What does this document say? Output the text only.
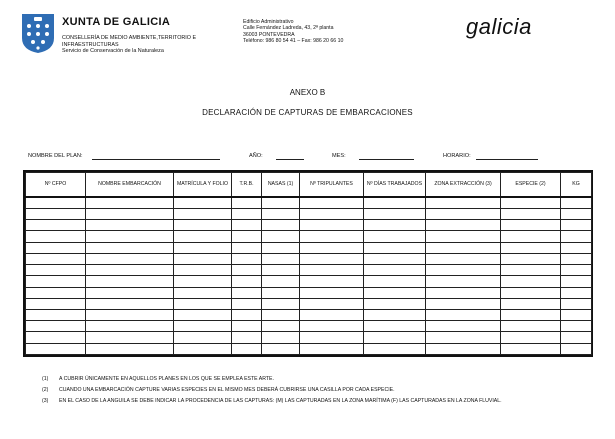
XUNTA DE GALICIA
CONSELLERÍA DE MEDIO AMBIENTE,TERRITORIO E
INFRAESTRUCTURAS
Servicio de Conservación de la Naturaleza
Edificio Administrativo
Calle Fernández Ladreda, 43, 2ª planta
36003 PONTEVEDRA
Teléfono: 986 80 54 41 – Fax: 986 20 66 10
galicia
ANEXO B
DECLARACIÓN DE CAPTURAS DE EMBARCACIONES
NOMBRE DEL PLAN:	AÑO:	MES:	HORARIO:
Nº CFPO	NOMBRE EMBARCACIÓN	MATRÍCULA Y FOLIO	T.R.B.	NASAS (1)	Nº TRIPULANTES	Nº DÍAS TRABAJADOS	ZONA EXTRACCIÓN (3)	ESPECIE (2)	KG

(1) A CUBRIR ÚNICAMENTE EN AQUELLOS PLANES EN LOS QUE SE EMPLEA ESTE ARTE.
(2) CUANDO UNA EMBARCACIÓN CAPTURE VARIAS ESPECIES EN EL MISMO MES DEBERÁ CUBRIRSE UNA CASILLA POR CADA ESPECIE.
(3) EN EL CASO DE LA ANGUILA SE DEBE INDICAR LA PROCEDENCIA DE LAS CAPTURAS: (M) LAS CAPTURADAS EN LA ZONA MARÍTIMA (F) LAS CAPTURADAS EN LA ZONA FLUVIAL.
